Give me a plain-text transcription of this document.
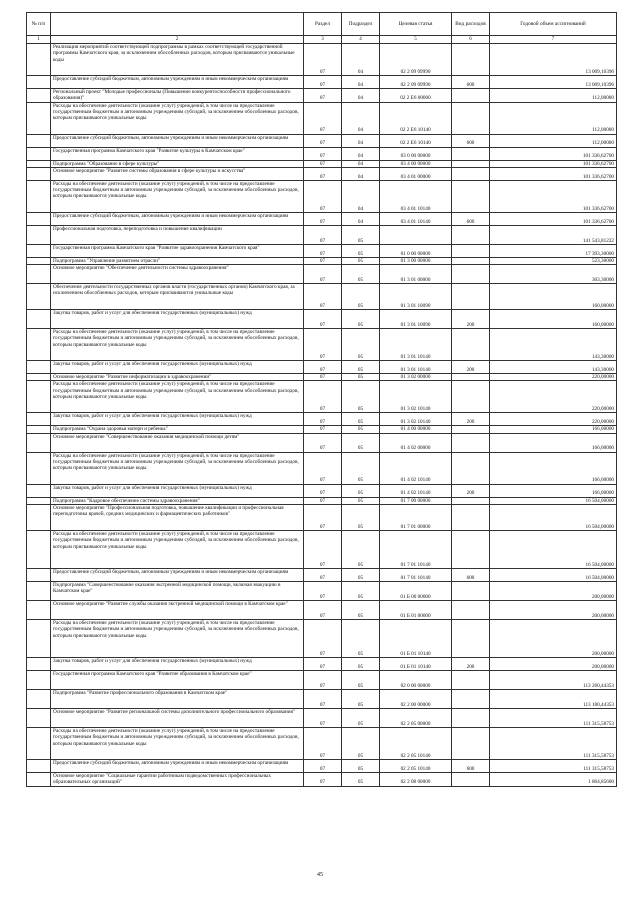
№ п/п		Раздел	Подраздел	Целевая статья	Вид расходов	Годовой объем ассигнований
1	2	3	4	5	6	7
	Реализация мероприятий соответствующей подпрограммы в рамках соответствующей государственной программы Камчатского края, за исключением обособленных расходов, которым присваиваются уникальные коды	07	04	02 2 09 09990		13 009,10396
	Предоставление субсидий бюджетным, автономным учреждениям и иным некоммерческим организациям	07	04	02 2 09 09990	600	13 009,10396
	Региональный проект "Молодые профессионалы (Повышение конкурентоспособности профессионального образования)"	07	04	02 2 Е6 00000		112,00000
	Расходы на обеспечение деятельности (оказание услуг) учреждений, в том числе на предоставление государственным бюджетным и автономным учреждениям субсидий, за исключением обособленных расходов, которым присваиваются уникальные коды	07	04	02 2 Е6 10140		112,00000
	Предоставление субсидий бюджетным, автономным учреждениям и иным некоммерческим организациям	07	04	02 2 Е6 10140	600	112,00000
	Государственная программа Камчатского края "Развитие культуры в Камчатском крае"	07	04	03 0 00 00000		101 336,62700
	Подпрограмма "Образование в сфере культуры"	07	04	03 4 00 00000		101 336,62700
	Основное мероприятие "Развитие системы образования в сфере культуры и искусства"	07	04	03 4 01 00000		101 336,62700
	Расходы на обеспечение деятельности (оказание услуг) учреждений, в том числе на предоставление государственным бюджетным и автономным учреждениям субсидий, за исключением обособленных расходов, которым присваиваются уникальные коды	07	04	03 4 01 10140		101 336,62700
	Предоставление субсидий бюджетным, автономным учреждениям и иным некоммерческим организациям	07	04	03 4 01 10140	600	101 336,62700
	Профессиональная подготовка, переподготовка и повышение квалификации	07	05			141 543,81222
	Государственная программа Камчатского края "Развитие здравоохранения Камчатского края"	07	05	01 0 00 00000		17 393,30000
	Подпрограмма "Управление развитием отрасли"	07	05	01 3 00 00000		523,30000
	Основное мероприятие "Обеспечение деятельности системы здравоохранения"	07	05	01 3 01 00000		303,30000
	Обеспечение деятельности государственных органов власти (государственных органов) Камчатского края, за исключением обособленных расходов, которым присваиваются уникальные коды	07	05	01 3 01 10090		160,00000
	Закупка товаров, работ и услуг для обеспечения государственных (муниципальных) нужд	07	05	01 3 01 10090	200	160,00000
	Расходы на обеспечение деятельности (оказание услуг) учреждений, в том числе на предоставление государственным бюджетным и автономным учреждениям субсидий, за исключением обособленных расходов, которым присваиваются уникальные коды	07	05	01 3 01 10140		143,30000
	Закупка товаров, работ и услуг для обеспечения государственных (муниципальных) нужд	07	05	01 3 01 10140	200	143,30000
	Основное мероприятие "Развитие информатизации в здравоохранении"	07	05	01 3 02 00000		220,00000
	Расходы на обеспечение деятельности (оказание услуг) учреждений, в том числе на предоставление государственным бюджетным и автономным учреждениям субсидий, за исключением обособленных расходов, которым присваиваются уникальные коды	07	05	01 3 02 10140		220,00000
	Закупка товаров, работ и услуг для обеспечения государственных (муниципальных) нужд	07	05	01 3 02 10140	200	220,00000
	Подпрограмма "Охрана здоровья матери и ребенка"	07	05	01 4 00 00000		166,00000
	Основное мероприятие "Совершенствование оказания медицинской помощи детям"	07	05	01 4 02 00000		166,00000
	Расходы на обеспечение деятельности (оказание услуг) учреждений, в том числе на предоставление государственным бюджетным и автономным учреждениям субсидий, за исключением обособленных расходов, которым присваиваются уникальные коды	07	05	01 4 02 10140		166,00000
	Закупка товаров, работ и услуг для обеспечения государственных (муниципальных) нужд	07	05	01 4 02 10140	200	166,00000
	Подпрограмма "Кадровое обеспечение системы здравоохранения"	07	05	01 7 00 00000		16 504,00000
	Основное мероприятие "Профессиональная подготовка, повышение квалификации и профессиональная переподготовка врачей, средних медицинских и фармацевтических работников"	07	05	01 7 01 00000		16 504,00000
	Расходы на обеспечение деятельности (оказание услуг) учреждений, в том числе на предоставление государственным бюджетным и автономным учреждениям субсидий, за исключением обособленных расходов, которым присваиваются уникальные коды	07	05	01 7 01 10140		16 504,00000
	Предоставление субсидий бюджетным, автономным учреждениям и иным некоммерческим организациям	07	05	01 7 01 10140	600	16 504,00000
	Подпрограмма "Совершенствование оказания экстренной медицинской помощи, включая эвакуацию в Камчатском крае"	07	05	01 Б 00 00000		200,00000
	Основное мероприятие "Развитие службы оказания экстренной медицинской помощи в Камчатском крае"	07	05	01 Б 01 00000		200,00000
	Расходы на обеспечение деятельности (оказание услуг) учреждений, в том числе на предоставление государственным бюджетным и автономным учреждениям субсидий, за исключением обособленных расходов, которым присваиваются уникальные коды	07	05	01 Б 01 10140		200,00000
	Закупка товаров, работ и услуг для обеспечения государственных (муниципальных) нужд	07	05	01 Б 01 10140	200	200,00000
	Государственная программа Камчатского края "Развитие образования в Камчатском крае"	07	05	02 0 00 00000		113 260,44353
	Подпрограмма "Развитие профессионального образования в Камчатском крае"	07	05	02 2 00 00000		113 180,44353
	Основное мероприятие "Развитие региональной системы дополнительного профессионального образования"	07	05	02 2 05 00000		111 315,58753
	Расходы на обеспечение деятельности (оказание услуг) учреждений, в том числе на предоставление государственным бюджетным и автономным учреждениям субсидий, за исключением обособленных расходов, которым присваиваются уникальные коды	07	05	02 2 05 10140		111 315,58753
	Предоставление субсидий бюджетным, автономным учреждениям и иным некоммерческим организациям	07	05	02 2 05 10140	600	111 315,58753
	Основное мероприятие "Социальные гарантии работникам подведомственных профессиональных образовательных организаций"	07	05	02 2 08 00000		1 864,85600
45
